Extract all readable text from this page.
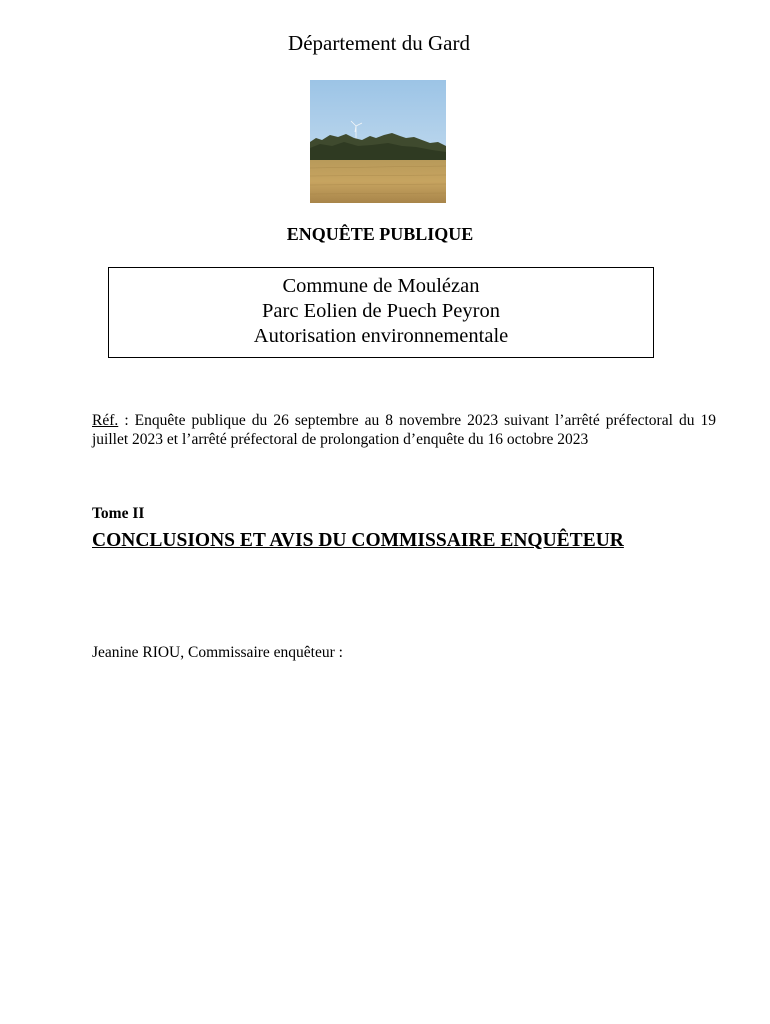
Département du Gard
ENQUÊTE PUBLIQUE
Commune de Moulézan
Parc Eolien de Puech Peyron
Autorisation environnementale
Réf. : Enquête publique du 26 septembre au 8 novembre 2023 suivant l’arrêté préfectoral du 19 juillet 2023 et l’arrêté préfectoral de prolongation d’enquête du 16 octobre 2023
Tome II
CONCLUSIONS ET AVIS DU COMMISSAIRE ENQUÊTEUR
Jeanine RIOU, Commissaire enquêteur :
